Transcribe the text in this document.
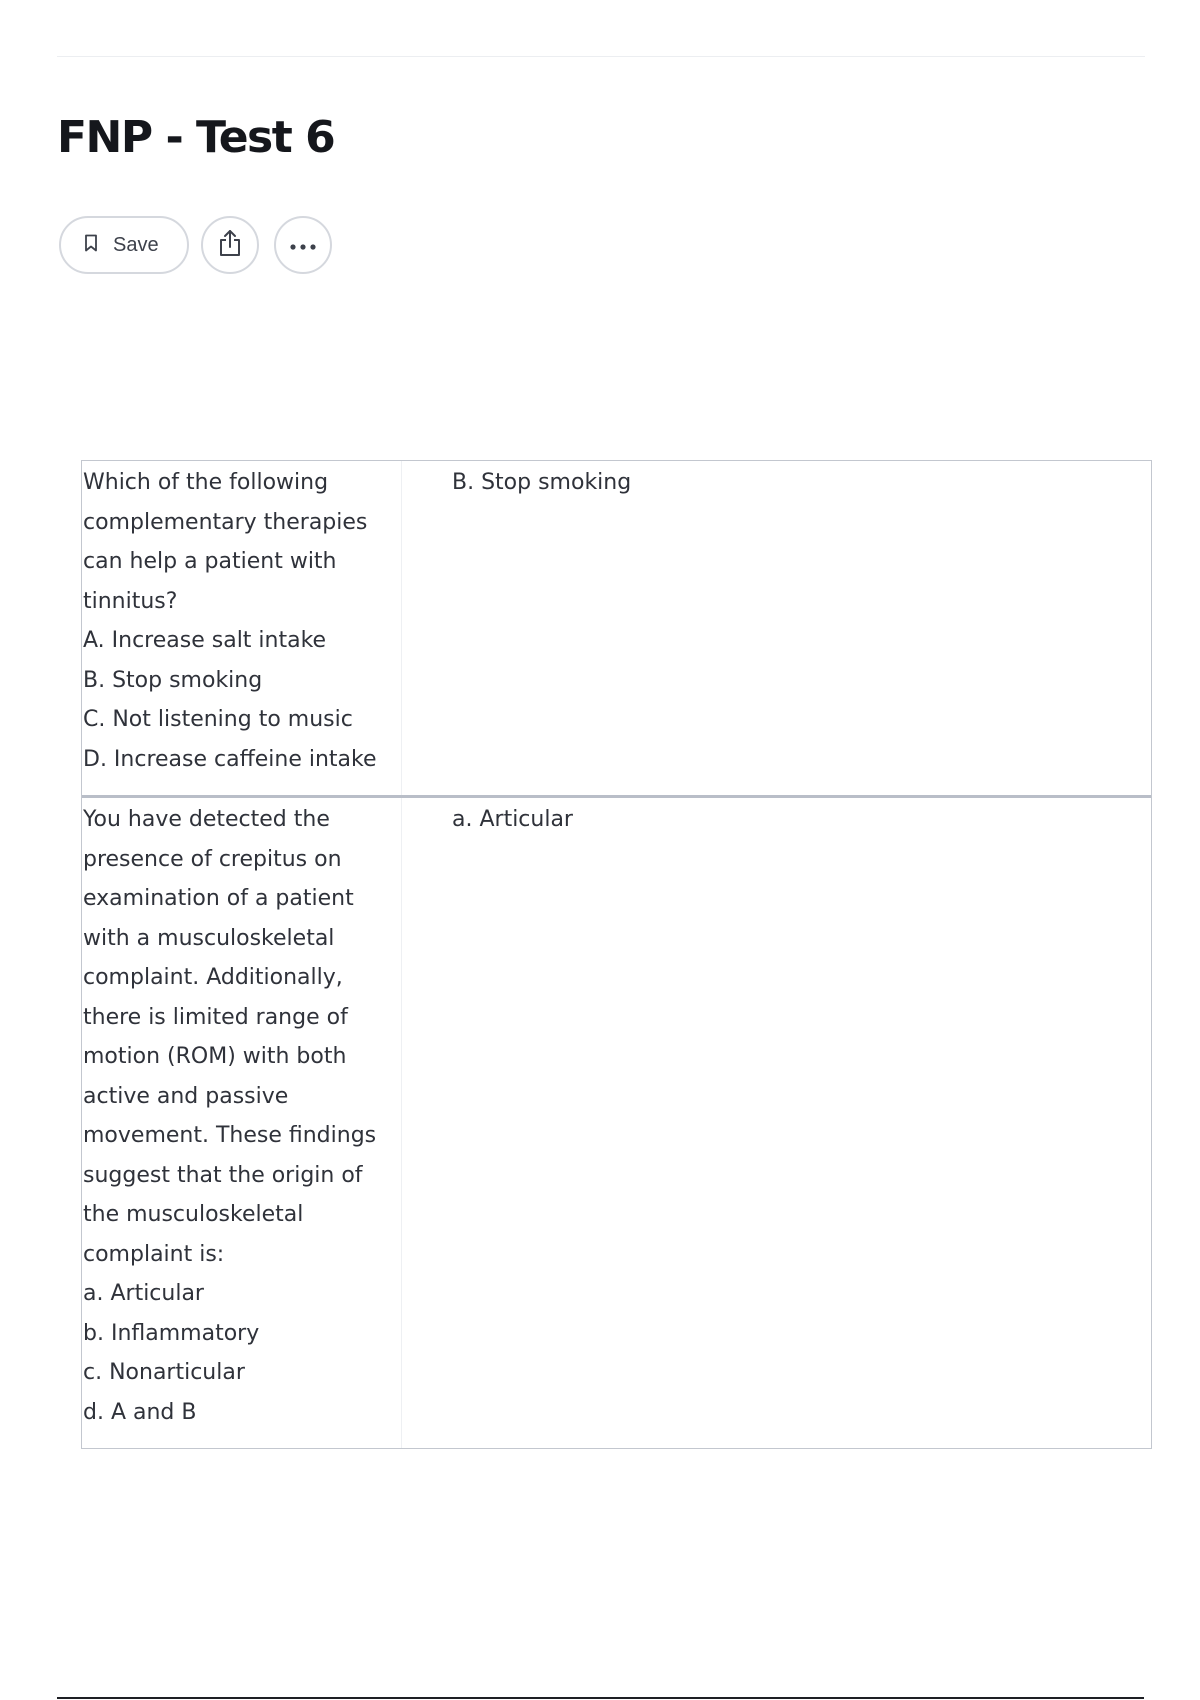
FNP - Test 6
Save
Which of the following
complementary therapies
can help a patient with
tinnitus?
A. Increase salt intake
B. Stop smoking
C. Not listening to music
D. Increase caffeine intake
B. Stop smoking
You have detected the
presence of crepitus on
examination of a patient
with a musculoskeletal
complaint. Additionally,
there is limited range of
motion (ROM) with both
active and passive
movement. These findings
suggest that the origin of
the musculoskeletal
complaint is:
a. Articular
b. Inflammatory
c. Nonarticular
d. A and B
a. Articular
